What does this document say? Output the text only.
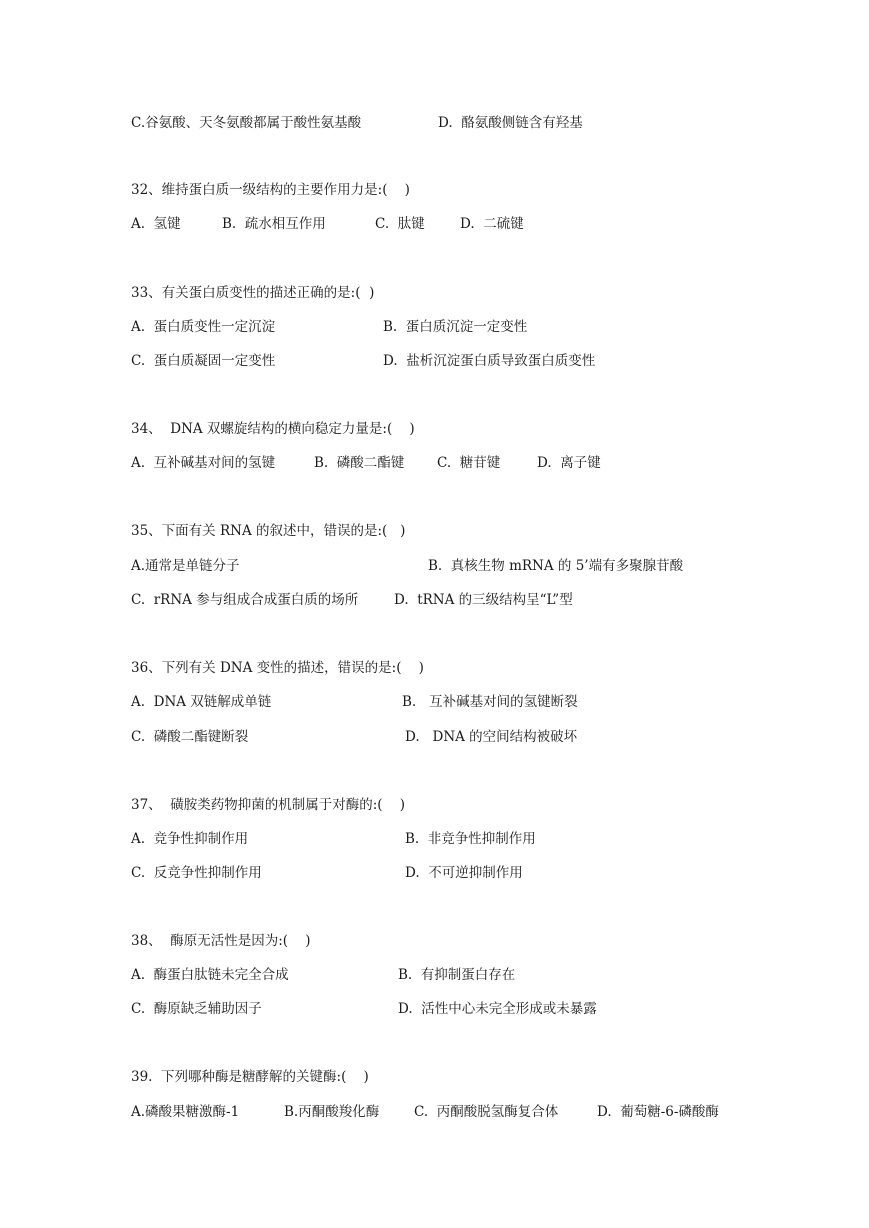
C.谷氨酸、天冬氨酸都属于酸性氨基酸	D.  酪氨酸侧链含有羟基
32、维持蛋白质一级结构的主要作用力是:(    )
A.  氢键	B.  疏水相互作用	C.  肽键	D.  二硫键
33、有关蛋白质变性的描述正确的是:(  )
A.  蛋白质变性一定沉淀	B.  蛋白质沉淀一定变性
C.  蛋白质凝固一定变性	D.  盐析沉淀蛋白质导致蛋白质变性
34、  DNA 双螺旋结构的横向稳定力量是:(    )
A.  互补碱基对间的氢键	B.  磷酸二酯键 C.  糖苷键	D.  离子键
35、下面有关 RNA 的叙述中，错误的是:(   )
A.通常是单链分子	B.  真核生物 mRNA 的 5’端有多聚腺苷酸
C.  rRNA 参与组成合成蛋白质的场所	D.  tRNA 的三级结构呈“L”型
36、下列有关 DNA 变性的描述，错误的是:(    )
A.  DNA 双链解成单链	B.   互补碱基对间的氢键断裂
C.  磷酸二酯键断裂	D.   DNA 的空间结构被破坏
37、  磺胺类药物抑菌的机制属于对酶的:(    )
A.  竞争性抑制作用	B.  非竞争性抑制作用
C.  反竞争性抑制作用	D.  不可逆抑制作用
38、  酶原无活性是因为:(    )
A.  酶蛋白肽链未完全合成	B.  有抑制蛋白存在
C.  酶原缺乏辅助因子	D.  活性中心未完全形成或未暴露
39.  下列哪种酶是糖酵解的关键酶:(    )
A.磷酸果糖激酶-1	B.丙酮酸羧化酶	C.  丙酮酸脱氢酶复合体	D.  葡萄糖-6-磷酸酶
